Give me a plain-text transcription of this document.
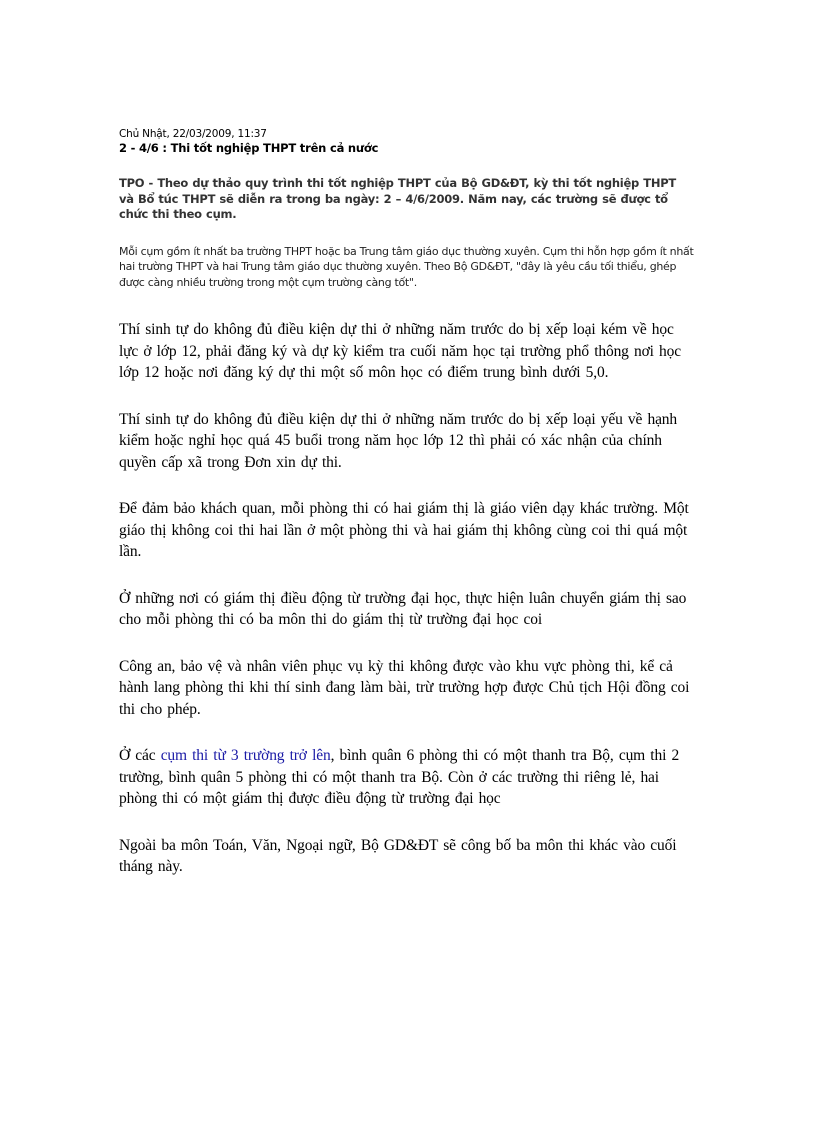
Chủ Nhật, 22/03/2009, 11:37

2 - 4/6 : Thi tốt nghiệp THPT trên cả nước

TPO - Theo dự thảo quy trình thi tốt nghiệp THPT của Bộ GD&ĐT, kỳ thi tốt nghiệp THPT và Bổ túc THPT sẽ diễn ra trong ba ngày: 2 – 4/6/2009. Năm nay, các trường sẽ được tổ chức thi theo cụm.

Mỗi cụm gồm ít nhất ba trường THPT hoặc ba Trung tâm giáo dục thường xuyên. Cụm thi hỗn hợp gồm ít nhất hai trường THPT và hai Trung tâm giáo dục thường xuyên. Theo Bộ GD&ĐT, "đây là yêu cầu tối thiểu, ghép được càng nhiều trường trong một cụm trường càng tốt".

Thí sinh tự do không đủ điều kiện dự thi ở những năm trước do bị xếp loại kém về học lực ở lớp 12, phải đăng ký và dự kỳ kiểm tra cuối năm học tại trường phổ thông nơi học lớp 12 hoặc nơi đăng ký dự thi một số môn học có điểm trung bình dưới 5,0.

Thí sinh tự do không đủ điều kiện dự thi ở những năm trước do bị xếp loại yếu về hạnh kiểm hoặc nghỉ học quá 45 buổi trong năm học lớp 12 thì phải có xác nhận của chính quyền cấp xã trong Đơn xin dự thi.

Để đảm bảo khách quan, mỗi phòng thi có hai giám thị là giáo viên dạy khác trường. Một giáo thị không coi thi hai lần ở một phòng thi và hai giám thị không cùng coi thi quá một lần.

Ở những nơi có giám thị điều động từ trường đại học, thực hiện luân chuyển giám thị sao cho mỗi phòng thi có ba môn thi do giám thị từ trường đại học coi

Công an, bảo vệ và nhân viên phục vụ kỳ thi không được vào khu vực phòng thi, kể cả hành lang phòng thi khi thí sinh đang làm bài, trừ trường hợp được Chủ tịch Hội đồng coi thi cho phép.

Ở các cụm thi từ 3 trường trở lên, bình quân 6 phòng thi có một thanh tra Bộ, cụm thi 2 trường, bình quân 5 phòng thi có một thanh tra Bộ. Còn ở các trường thi riêng lẻ, hai phòng thi có một giám thị được điều động từ trường đại học

Ngoài ba môn Toán, Văn, Ngoại ngữ, Bộ GD&ĐT sẽ công bố ba môn thi khác vào cuối tháng này.
